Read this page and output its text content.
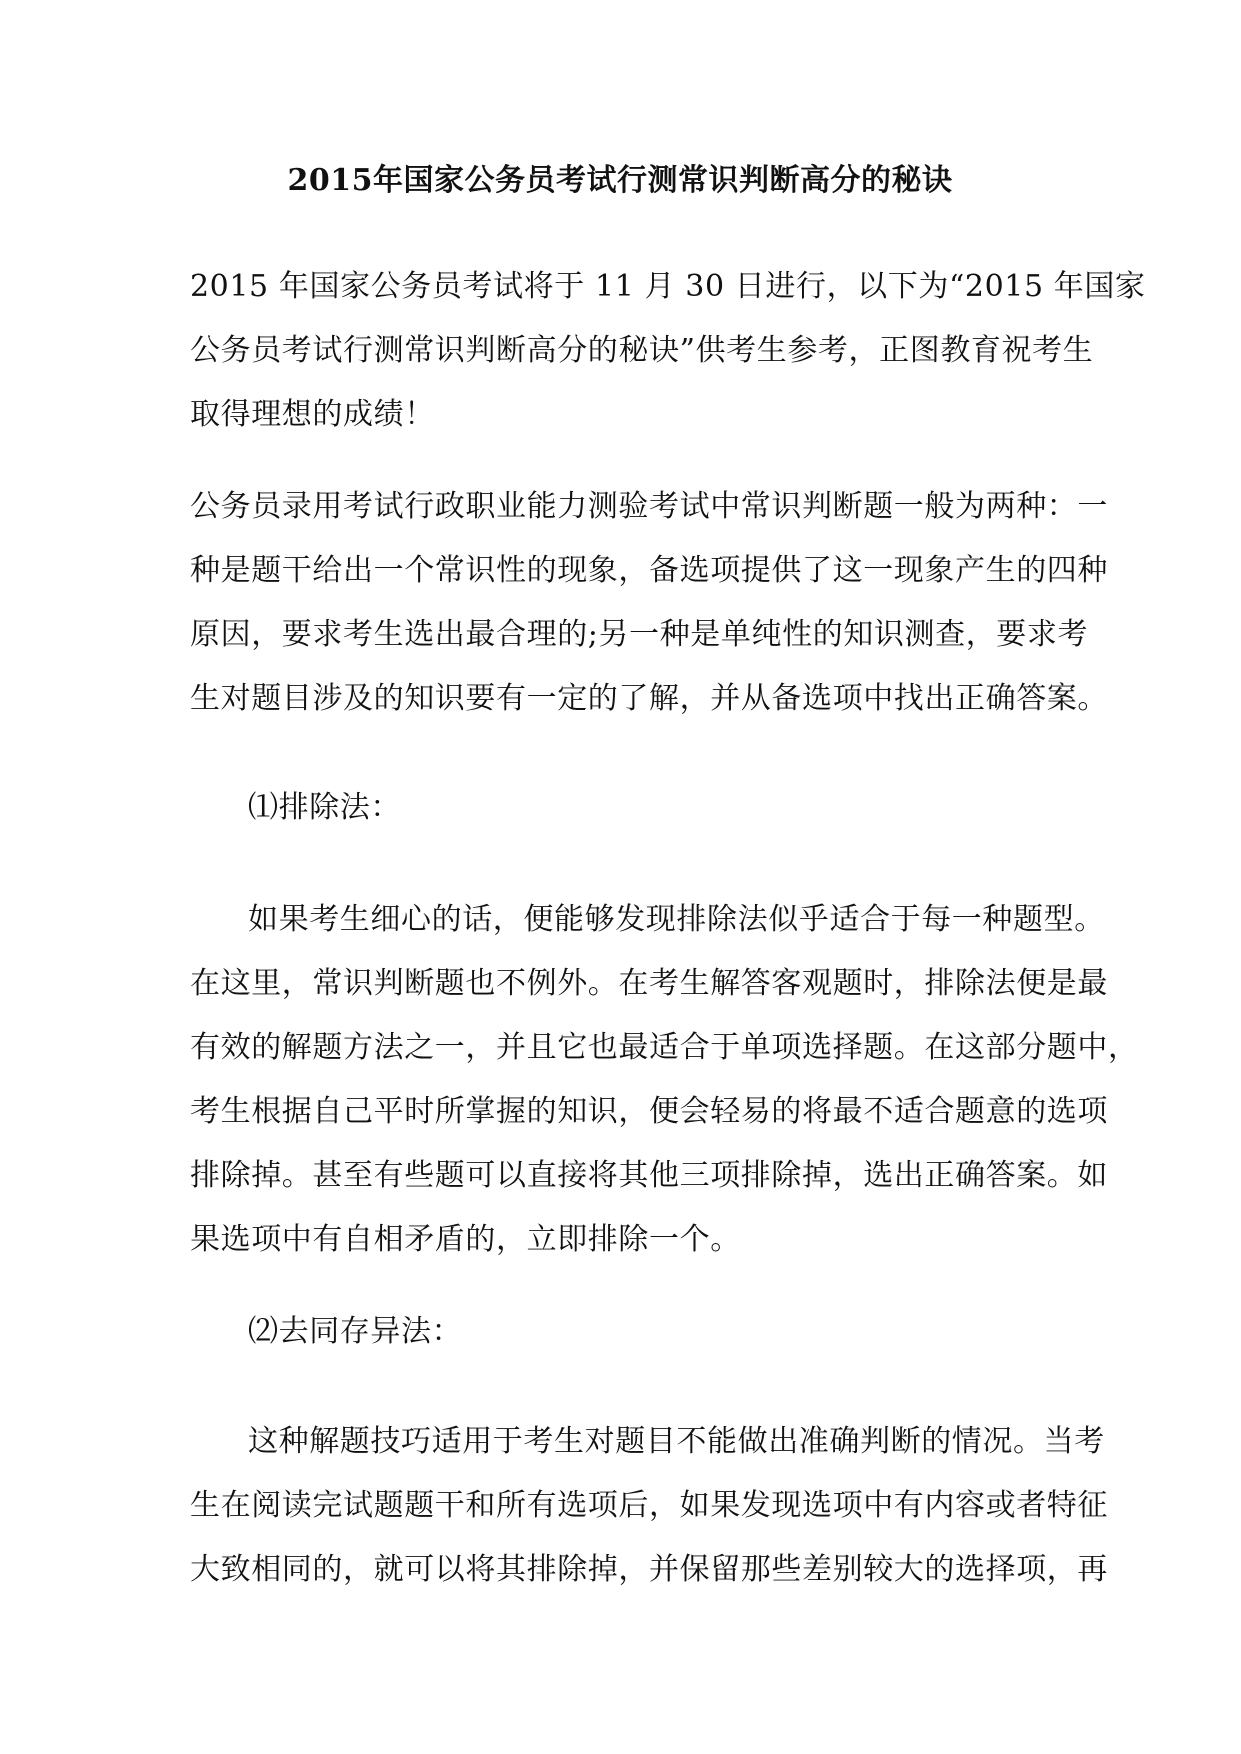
2015年国家公务员考试行测常识判断高分的秘诀

2015 年国家公务员考试将于 11 月 30 日进行，以下为“2015 年国家
公务员考试行测常识判断高分的秘诀”供考生参考，正图教育祝考生
取得理想的成绩！

公务员录用考试行政职业能力测验考试中常识判断题一般为两种：一
种是题干给出一个常识性的现象，备选项提供了这一现象产生的四种
原因，要求考生选出最合理的;另一种是单纯性的知识测查，要求考
生对题目涉及的知识要有一定的了解，并从备选项中找出正确答案。

⑴排除法：

如果考生细心的话，便能够发现排除法似乎适合于每一种题型。
在这里，常识判断题也不例外。在考生解答客观题时，排除法便是最
有效的解题方法之一，并且它也最适合于单项选择题。在这部分题中，
考生根据自己平时所掌握的知识，便会轻易的将最不适合题意的选项
排除掉。甚至有些题可以直接将其他三项排除掉，选出正确答案。如
果选项中有自相矛盾的，立即排除一个。

⑵去同存异法：

这种解题技巧适用于考生对题目不能做出准确判断的情况。当考
生在阅读完试题题干和所有选项后，如果发现选项中有内容或者特征
大致相同的，就可以将其排除掉，并保留那些差别较大的选择项，再
